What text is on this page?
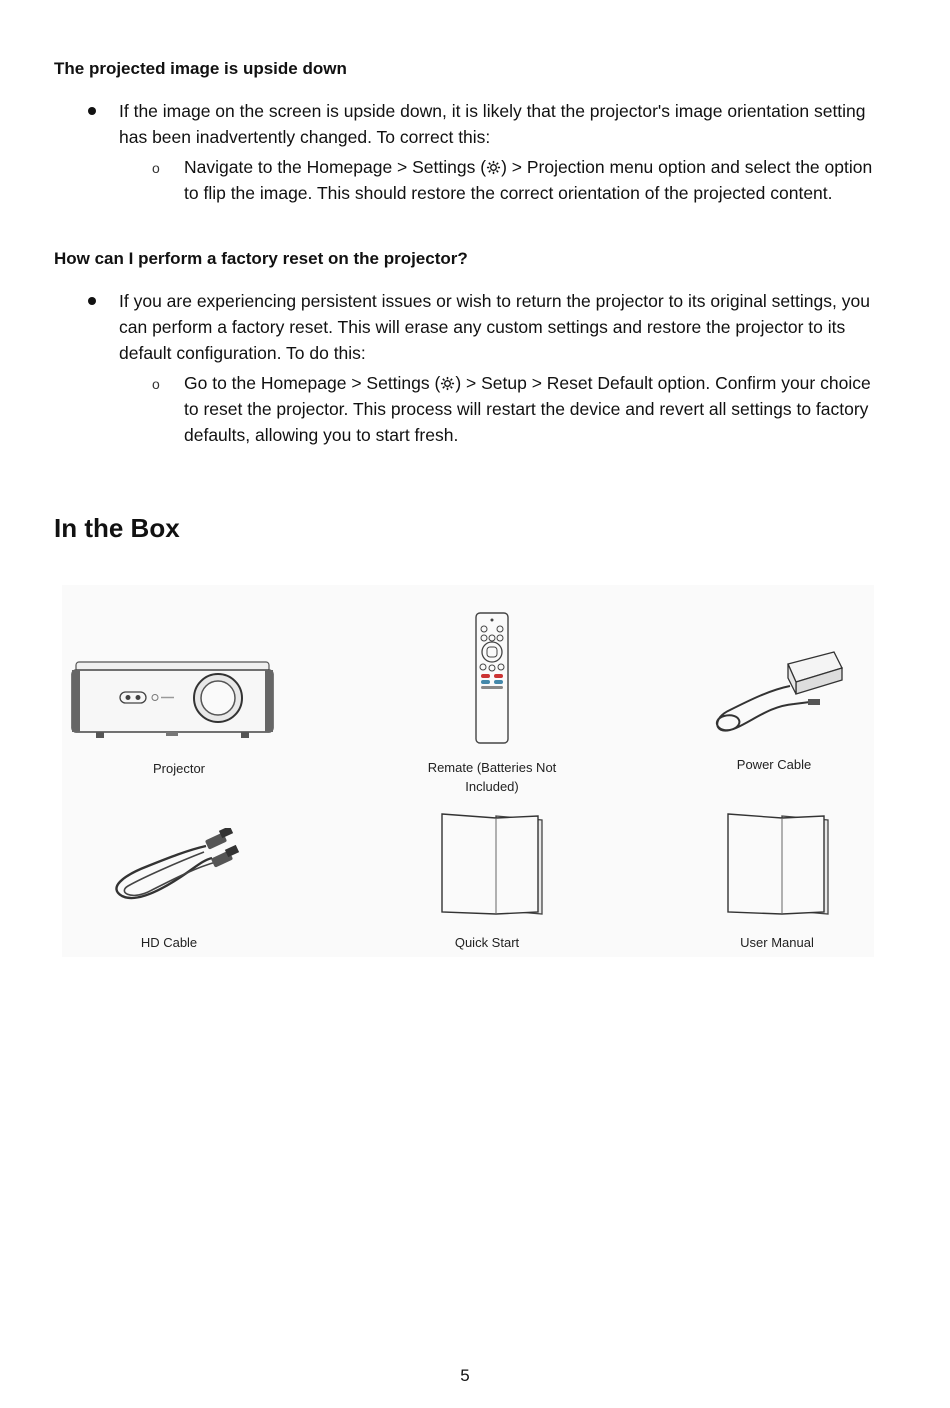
The projected image is upside down
If the image on the screen is upside down, it is likely that the projector's image orientation setting has been inadvertently changed. To correct this:
o Navigate to the Homepage > Settings ( ) > Projection menu option and select the option to flip the image. This should restore the correct orientation of the projected content.
How can I perform a factory reset on the projector?
If you are experiencing persistent issues or wish to return the projector to its original settings, you can perform a factory reset. This will erase any custom settings and restore the projector to its default configuration. To do this:
o Go to the Homepage > Settings ( ) > Setup > Reset Default option. Confirm your choice to reset the projector. This process will restart the device and revert all settings to factory defaults, allowing you to start fresh.
In the Box
Projector	Remate (Batteries Not Included)
Power Cable
HD Cable	Quick Start	User Manual
5
